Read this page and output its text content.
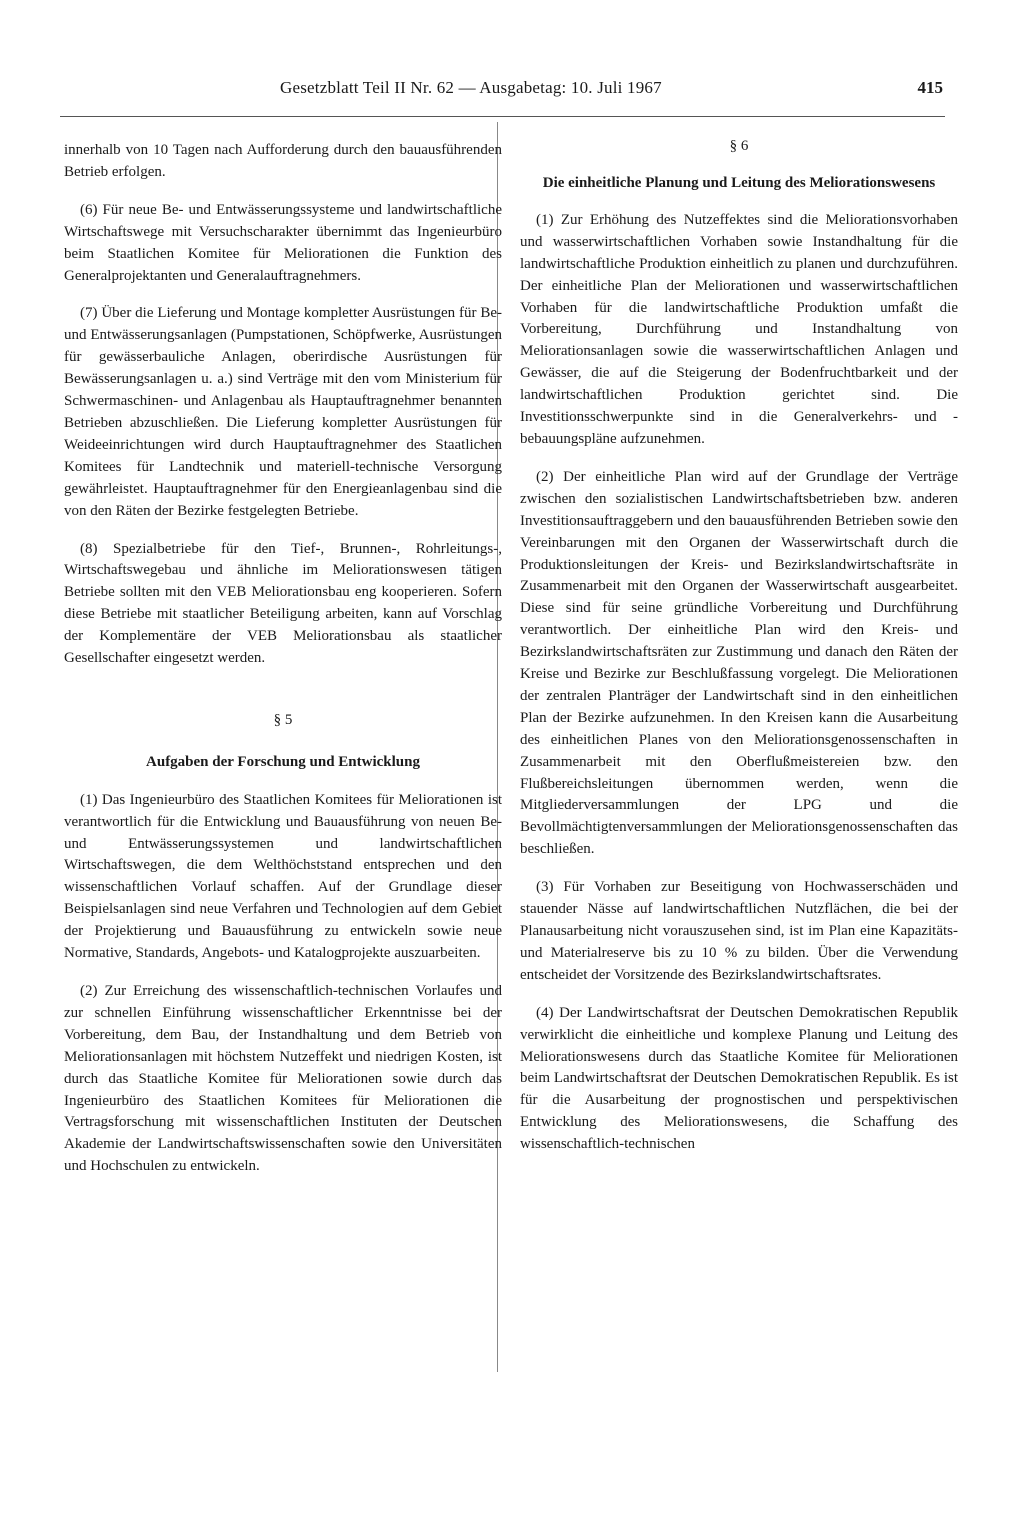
Gesetzblatt Teil II Nr. 62 — Ausgabetag: 10. Juli 1967	415

innerhalb von 10 Tagen nach Aufforderung durch den bauausführenden Betrieb erfolgen.

(6) Für neue Be- und Entwässerungssysteme und landwirtschaftliche Wirtschaftswege mit Versuchscharakter übernimmt das Ingenieurbüro beim Staatlichen Komitee für Meliorationen die Funktion des Generalprojektanten und Generalauftragnehmers.

(7) Über die Lieferung und Montage kompletter Ausrüstungen für Be- und Entwässerungsanlagen (Pumpstationen, Schöpfwerke, Ausrüstungen für gewässerbauliche Anlagen, oberirdische Ausrüstungen für Bewässerungsanlagen u. a.) sind Verträge mit den vom Ministerium für Schwermaschinen- und Anlagenbau als Hauptauftragnehmer benannten Betrieben abzuschließen. Die Lieferung kompletter Ausrüstungen für Weideeinrichtungen wird durch Hauptauftragnehmer des Staatlichen Komitees für Landtechnik und materiell-technische Versorgung gewährleistet. Hauptauftragnehmer für den Energieanlagenbau sind die von den Räten der Bezirke festgelegten Betriebe.

(8) Spezialbetriebe für den Tief-, Brunnen-, Rohrleitungs-, Wirtschaftswegebau und ähnliche im Meliorationswesen tätigen Betriebe sollten mit den VEB Meliorationsbau eng kooperieren. Sofern diese Betriebe mit staatlicher Beteiligung arbeiten, kann auf Vorschlag der Komplementäre der VEB Meliorationsbau als staatlicher Gesellschafter eingesetzt werden.

§ 5

Aufgaben der Forschung und Entwicklung

(1) Das Ingenieurbüro des Staatlichen Komitees für Meliorationen ist verantwortlich für die Entwicklung und Bauausführung von neuen Be- und Entwässerungssystemen und landwirtschaftlichen Wirtschaftswegen, die dem Welthöchststand entsprechen und den wissenschaftlichen Vorlauf schaffen. Auf der Grundlage dieser Beispielsanlagen sind neue Verfahren und Technologien auf dem Gebiet der Projektierung und Bauausführung zu entwickeln sowie neue Normative, Standards, Angebots- und Katalogprojekte auszuarbeiten.

(2) Zur Erreichung des wissenschaftlich-technischen Vorlaufes und zur schnellen Einführung wissenschaftlicher Erkenntnisse bei der Vorbereitung, dem Bau, der Instandhaltung und dem Betrieb von Meliorationsanlagen mit höchstem Nutzeffekt und niedrigen Kosten, ist durch das Staatliche Komitee für Meliorationen sowie durch das Ingenieurbüro des Staatlichen Komitees für Meliorationen die Vertragsforschung mit wissenschaftlichen Instituten der Deutschen Akademie der Landwirtschaftswissenschaften sowie den Universitäten und Hochschulen zu entwickeln.

§ 6

Die einheitliche Planung und Leitung des Meliorationswesens

(1) Zur Erhöhung des Nutzeffektes sind die Meliorationsvorhaben und wasserwirtschaftlichen Vorhaben sowie Instandhaltung für die landwirtschaftliche Produktion einheitlich zu planen und durchzuführen. Der einheitliche Plan der Meliorationen und wasserwirtschaftlichen Vorhaben für die landwirtschaftliche Produktion umfaßt die Vorbereitung, Durchführung und Instandhaltung von Meliorationsanlagen sowie die wasserwirtschaftlichen Anlagen und Gewässer, die auf die Steigerung der Bodenfruchtbarkeit und der landwirtschaftlichen Produktion gerichtet sind. Die Investitionsschwerpunkte sind in die Generalverkehrs- und -bebauungspläne aufzunehmen.

(2) Der einheitliche Plan wird auf der Grundlage der Verträge zwischen den sozialistischen Landwirtschaftsbetrieben bzw. anderen Investitionsauftraggebern und den bauausführenden Betrieben sowie den Vereinbarungen mit den Organen der Wasserwirtschaft durch die Produktionsleitungen der Kreis- und Bezirkslandwirtschaftsräte in Zusammenarbeit mit den Organen der Wasserwirtschaft ausgearbeitet. Diese sind für seine gründliche Vorbereitung und Durchführung verantwortlich. Der einheitliche Plan wird den Kreis- und Bezirkslandwirtschaftsräten zur Zustimmung und danach den Räten der Kreise und Bezirke zur Beschlußfassung vorgelegt. Die Meliorationen der zentralen Planträger der Landwirtschaft sind in den einheitlichen Plan der Bezirke aufzunehmen. In den Kreisen kann die Ausarbeitung des einheitlichen Planes von den Meliorationsgenossenschaften in Zusammenarbeit mit den Oberflußmeistereien bzw. den Flußbereichsleitungen übernommen werden, wenn die Mitgliederversammlungen der LPG und die Bevollmächtigtenversammlungen der Meliorationsgenossenschaften das beschließen.

(3) Für Vorhaben zur Beseitigung von Hochwasserschäden und stauender Nässe auf landwirtschaftlichen Nutzflächen, die bei der Planausarbeitung nicht vorauszusehen sind, ist im Plan eine Kapazitäts- und Materialreserve bis zu 10 % zu bilden. Über die Verwendung entscheidet der Vorsitzende des Bezirkslandwirtschaftsrates.

(4) Der Landwirtschaftsrat der Deutschen Demokratischen Republik verwirklicht die einheitliche und komplexe Planung und Leitung des Meliorationswesens durch das Staatliche Komitee für Meliorationen beim Landwirtschaftsrat der Deutschen Demokratischen Republik. Es ist für die Ausarbeitung der prognostischen und perspektivischen Entwicklung des Meliorationswesens, die Schaffung des wissenschaftlich-technischen
